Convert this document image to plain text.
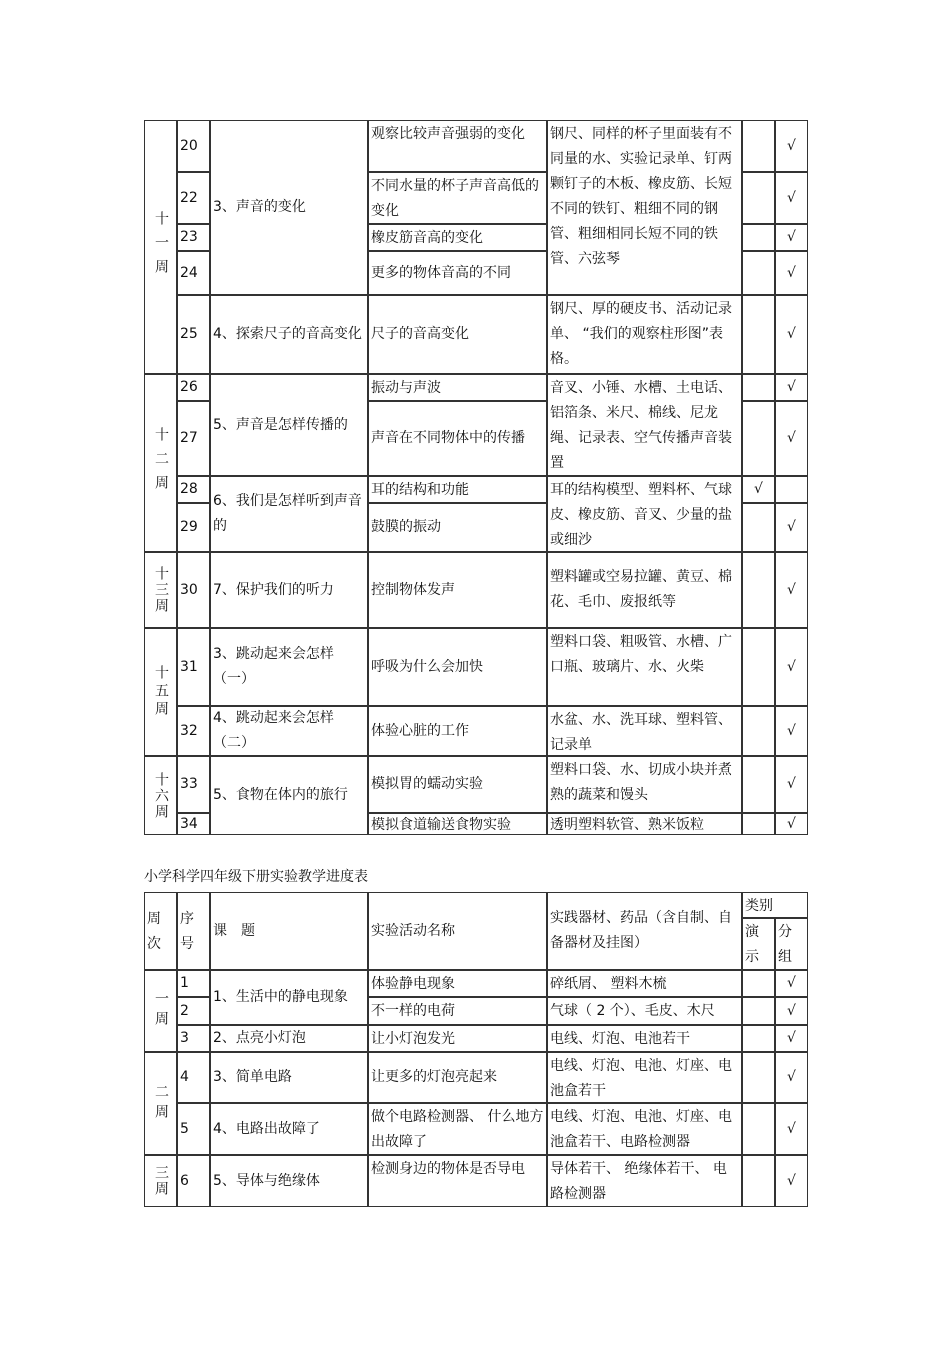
十一周
十二周
十三周
十五周
十六周
20
22
23
24
25
26
27
28
29
30
31
32
33
34
3、声音的变化
4、探索尺子的音高变化
5、声音是怎样传播的
6、我们是怎样听到声音的
7、保护我们的听力
3、跳动起来会怎样（一）
4、跳动起来会怎样（二）
5、食物在体内的旅行
观察比较声音强弱的变化
不同水量的杯子声音高低的变化
橡皮筋音高的变化
更多的物体音高的不同
尺子的音高变化
振动与声波
声音在不同物体中的传播
耳的结构和功能
鼓膜的振动
控制物体发声
呼吸为什么会加快
体验心脏的工作
模拟胃的蠕动实验
模拟食道输送食物实验
钢尺、同样的杯子里面装有不同量的水、实验记录单、钉两颗钉子的木板、橡皮筋、长短不同的铁钉、粗细不同的钢管、粗细相同长短不同的铁管、六弦琴
钢尺、厚的硬皮书、活动记录单、 “我们的观察柱形图”表格。
音叉、小锤、水槽、土电话、铝箔条、米尺、棉线、尼龙绳、记录表、空气传播声音装置
耳的结构模型、塑料杯、气球皮、橡皮筋、音叉、少量的盐或细沙
塑料罐或空易拉罐、黄豆、棉花、毛巾、废报纸等
塑料口袋、粗吸管、水槽、广口瓶、玻璃片、水、火柴
水盆、水、洗耳球、塑料管、记录单
塑料口袋、水、切成小块并煮熟的蔬菜和馒头
透明塑料软管、熟米饭粒
√
√
√
√
√
√
√
√
√
√
√
√
√
√
小学科学四年级下册实验教学进度表
周次
序号
课　题	实验活动名称
实践器材、药品（含自制、自备器材及挂图）
类别
演示
分组
一周
二周
三周
1
2
3
4
5
6
1、生活中的静电现象
2、点亮小灯泡
3、简单电路
4、电路出故障了
5、导体与绝缘体
体验静电现象
不一样的电荷
让小灯泡发光
让更多的灯泡亮起来
做个电路检测器、 什么地方出故障了
检测身边的物体是否导电
碎纸屑、 塑料木梳
气球（ 2 个）、毛皮、木尺
电线、灯泡、电池若干
电线、灯泡、电池、灯座、电池盒若干
电线、灯泡、电池、灯座、电池盒若干、电路检测器
导体若干、 绝缘体若干、 电路检测器
√
√
√
√
√
√
